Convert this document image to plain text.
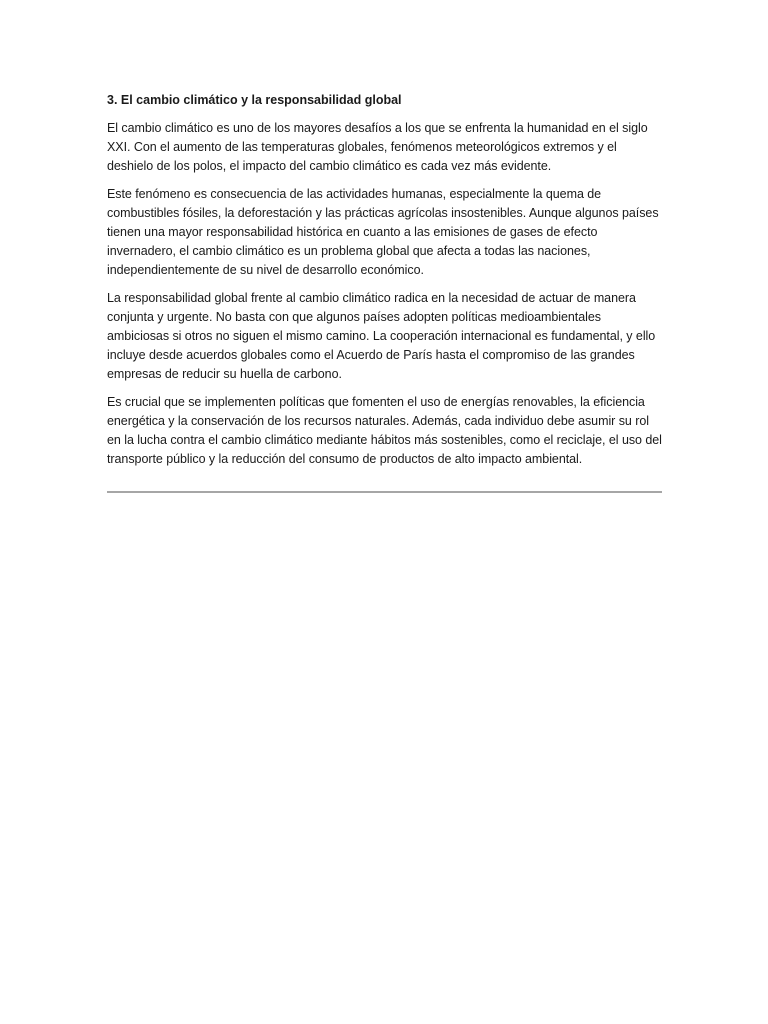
3. El cambio climático y la responsabilidad global

El cambio climático es uno de los mayores desafíos a los que se enfrenta la humanidad en el siglo XXI. Con el aumento de las temperaturas globales, fenómenos meteorológicos extremos y el deshielo de los polos, el impacto del cambio climático es cada vez más evidente.

Este fenómeno es consecuencia de las actividades humanas, especialmente la quema de combustibles fósiles, la deforestación y las prácticas agrícolas insostenibles. Aunque algunos países tienen una mayor responsabilidad histórica en cuanto a las emisiones de gases de efecto invernadero, el cambio climático es un problema global que afecta a todas las naciones, independientemente de su nivel de desarrollo económico.

La responsabilidad global frente al cambio climático radica en la necesidad de actuar de manera conjunta y urgente. No basta con que algunos países adopten políticas medioambientales ambiciosas si otros no siguen el mismo camino. La cooperación internacional es fundamental, y ello incluye desde acuerdos globales como el Acuerdo de París hasta el compromiso de las grandes empresas de reducir su huella de carbono.

Es crucial que se implementen políticas que fomenten el uso de energías renovables, la eficiencia energética y la conservación de los recursos naturales. Además, cada individuo debe asumir su rol en la lucha contra el cambio climático mediante hábitos más sostenibles, como el reciclaje, el uso del transporte público y la reducción del consumo de productos de alto impacto ambiental.
